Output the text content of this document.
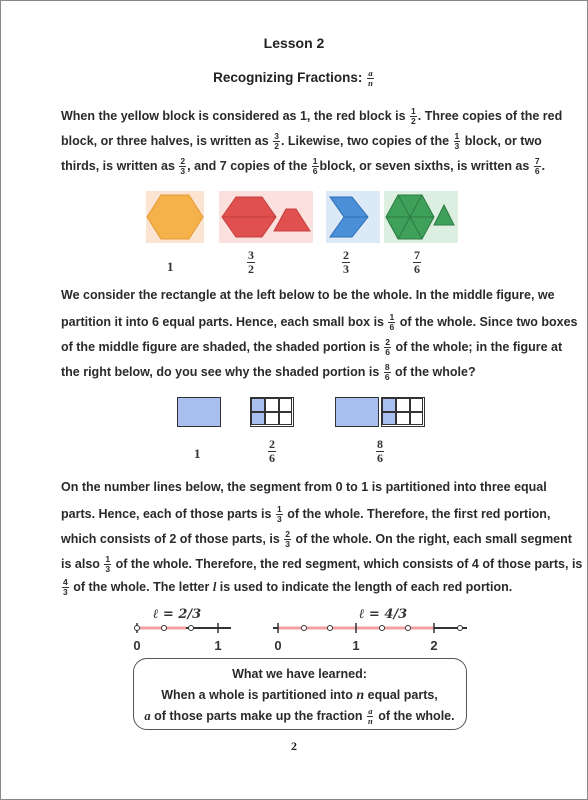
Lesson 2
Recognizing Fractions: $\frac{a}{n}$
When the yellow block is considered as 1, the red block is $\frac{1}{2}$ . Three copies of the red
block, or three halves, is written as $\frac{3}{2}$ . Likewise, two copies of the $\frac{1}{3}$ block, or two
thirds, is written as $\frac{2}{3}$ , and 7 copies of the $\frac{1}{6}$ block, or seven sixths, is written as $\frac{7}{6}$ .
1	$\frac{3}{2}$	$\frac{2}{3}$	$\frac{7}{6}$
We consider the rectangle at the left below to be the whole. In the middle figure, we
partition it into 6 equal parts. Hence, each small box is $\frac{1}{6}$ of the whole. Since two boxes
of the middle figure are shaded, the shaded portion is $\frac{2}{6}$ of the whole; in the figure at
the right below, do you see why the shaded portion is $\frac{8}{6}$ of the whole?
1	$\frac{2}{6}$	$\frac{8}{6}$
On the number lines below, the segment from 0 to 1 is partitioned into three equal
parts. Hence, each of those parts is $\frac{1}{3}$ of the whole. Therefore, the first red portion,
which consists of 2 of those parts, is $\frac{2}{3}$ of the whole. On the right, each small segment
is also $\frac{1}{3}$ of the whole. Therefore, the red segment, which consists of 4 of those parts, is
$\frac{4}{3}$ of the whole. The letter l is used to indicate the length of each red portion.
ℓ = 2/3
0	1
ℓ = 4/3
0	1	2
What we have learned:
When a whole is partitioned into n equal parts,
a of those parts make up the fraction $\frac{a}{n}$ of the whole.
2
